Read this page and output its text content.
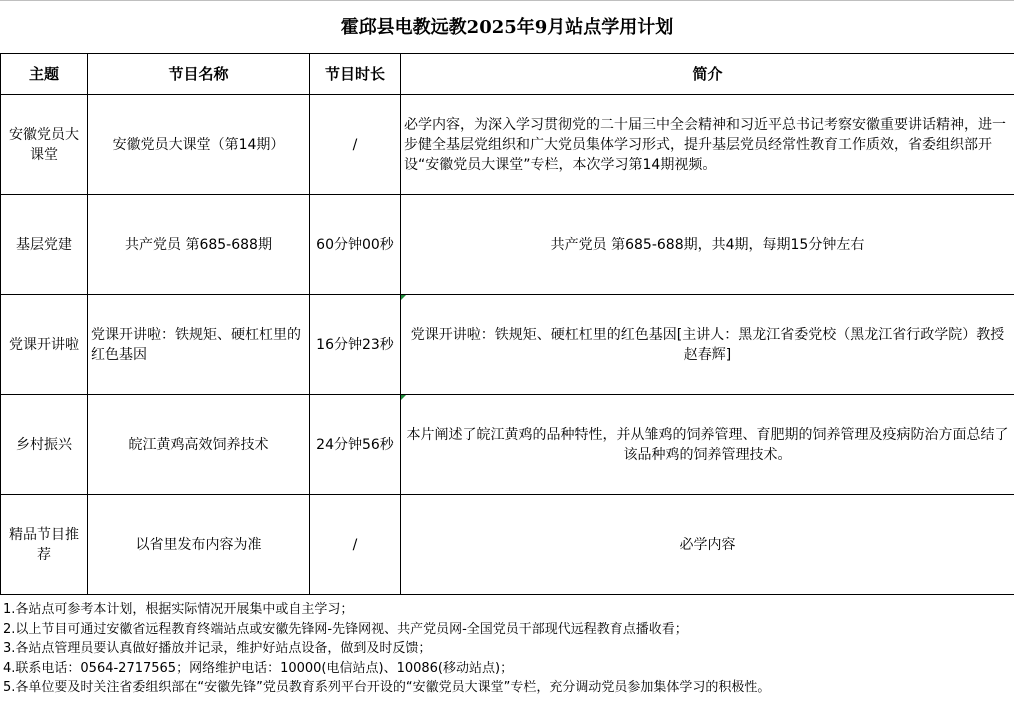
霍邱县电教远教2025年9月站点学用计划
主题	节目名称	节目时长	简介
安徽党员大课堂	安徽党员大课堂（第14期）	/	必学内容，为深入学习贯彻党的二十届三中全会精神和习近平总书记考察安徽重要讲话精神，进一步健全基层党组织和广大党员集体学习形式，提升基层党员经常性教育工作质效，省委组织部开设“安徽党员大课堂”专栏，本次学习第14期视频。
基层党建	共产党员 第685-688期	60分钟00秒	共产党员 第685-688期，共4期，每期15分钟左右
党课开讲啦	党课开讲啦：铁规矩、硬杠杠里的红色基因	16分钟23秒	党课开讲啦：铁规矩、硬杠杠里的红色基因[主讲人：黑龙江省委党校（黑龙江省行政学院）教授赵春辉]
乡村振兴	皖江黄鸡高效饲养技术	24分钟56秒	本片阐述了皖江黄鸡的品种特性，并从雏鸡的饲养管理、育肥期的饲养管理及疫病防治方面总结了该品种鸡的饲养管理技术。
精品节目推荐	以省里发布内容为准	/	必学内容
1.各站点可参考本计划，根据实际情况开展集中或自主学习；
2.以上节目可通过安徽省远程教育终端站点或安徽先锋网-先锋网视、共产党员网-全国党员干部现代远程教育点播收看；
3.各站点管理员要认真做好播放并记录，维护好站点设备，做到及时反馈；
4.联系电话：0564-2717565；网络维护电话：10000(电信站点)、10086(移动站点)；
5.各单位要及时关注省委组织部在“安徽先锋”党员教育系列平台开设的“安徽党员大课堂”专栏，充分调动党员参加集体学习的积极性。
